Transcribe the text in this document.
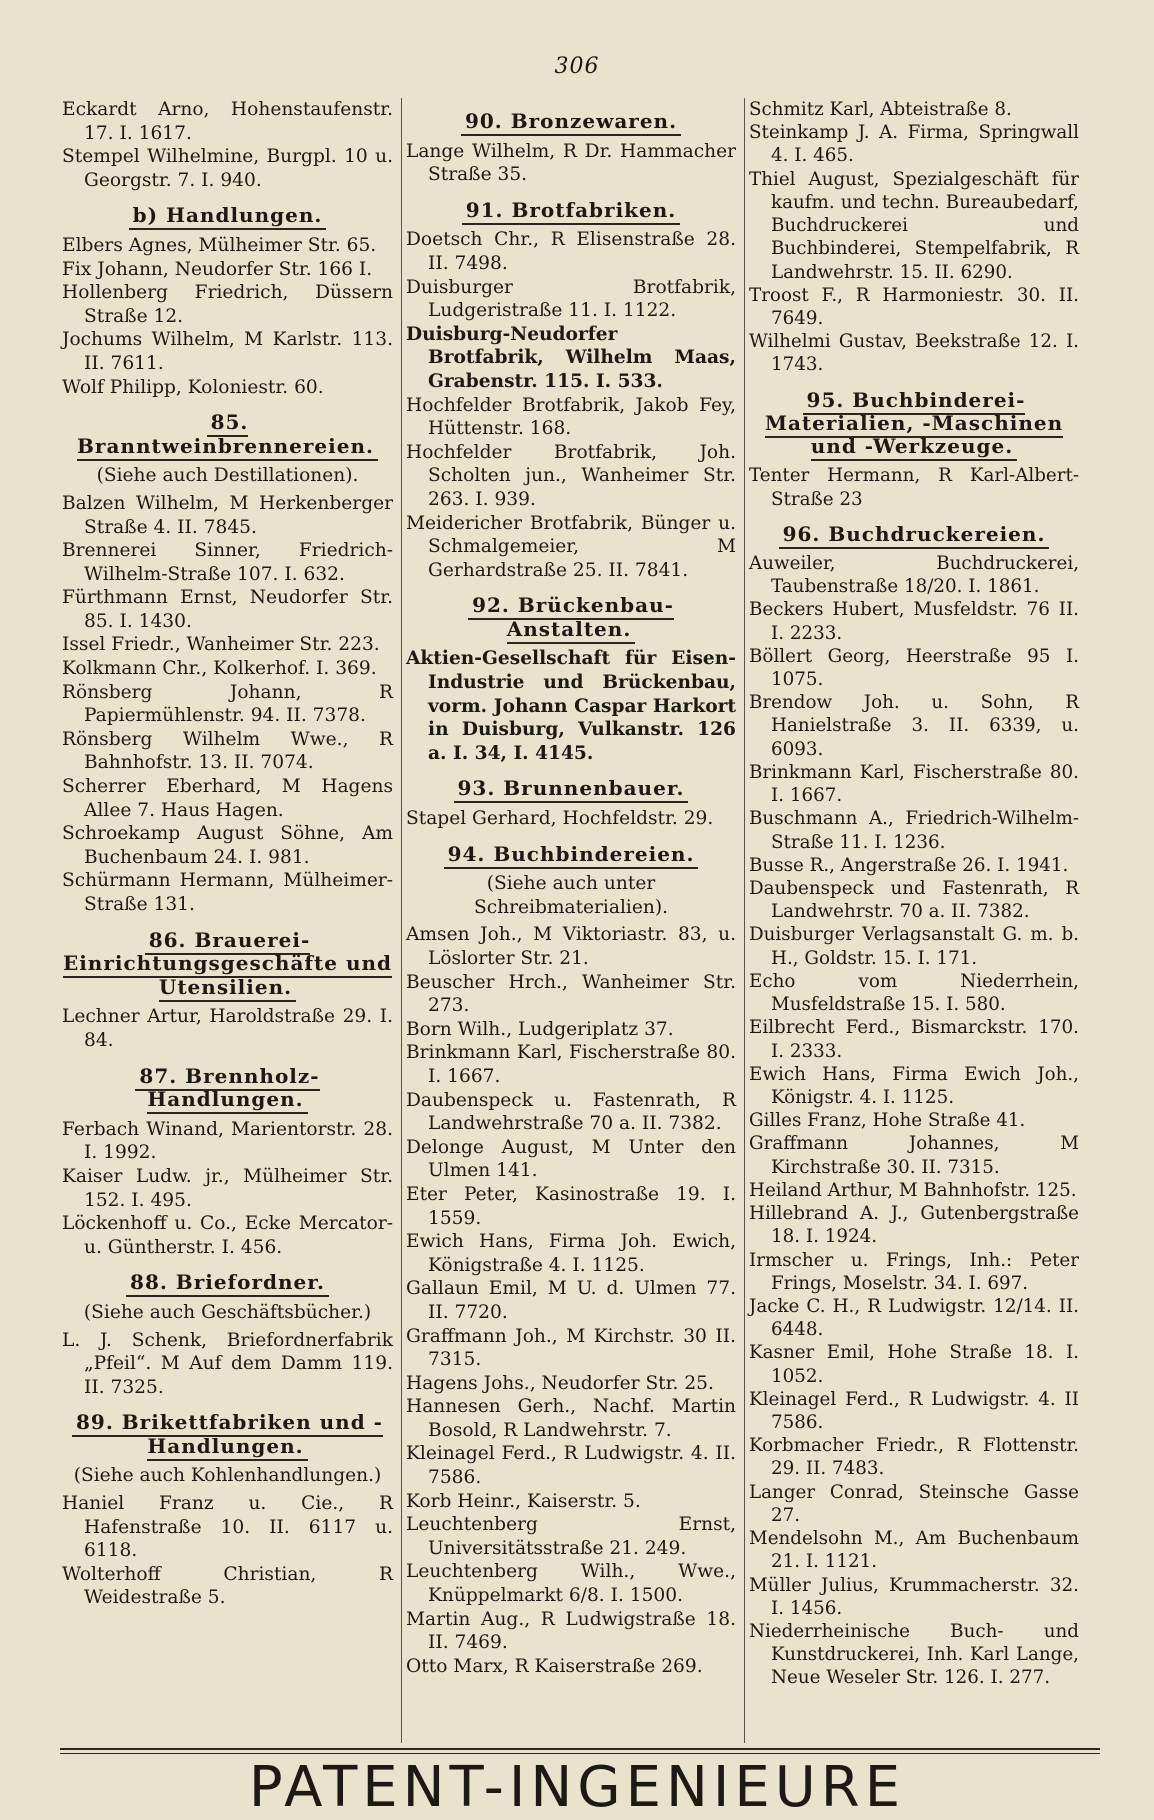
306
Eckardt Arno, Hohenstaufenstr. 17. I. 1617.
Stempel Wilhelmine, Burgpl. 10 u. Georgstr. 7. I. 940.
b) Handlungen.
Elbers Agnes, Mülheimer Str. 65.
Fix Johann, Neudorfer Str. 166 I.
Hollenberg Friedrich, Düssern Straße 12.
Jochums Wilhelm, M Karlstr. 113. II. 7611.
Wolf Philipp, Koloniestr. 60.
85. Branntweinbrennereien.
(Siehe auch Destillationen).
Balzen Wilhelm, M Herkenberger Straße 4. II. 7845.
Brennerei Sinner, Friedrich-Wilhelm-Straße 107. I. 632.
Fürthmann Ernst, Neudorfer Str. 85. I. 1430.
Issel Friedr., Wanheimer Str. 223.
Kolkmann Chr., Kolkerhof. I. 369.
Rönsberg Johann, R Papiermühlenstr. 94. II. 7378.
Rönsberg Wilhelm Wwe., R Bahnhofstr. 13. II. 7074.
Scherrer Eberhard, M Hagens Allee 7. Haus Hagen.
Schroekamp August Söhne, Am Buchenbaum 24. I. 981.
Schürmann Hermann, Mülheimer-Straße 131.
86. Brauerei-Einrichtungsgeschäfte und Utensilien.
Lechner Artur, Haroldstraße 29. I. 84.
87. Brennholz-Handlungen.
Ferbach Winand, Marientorstr. 28. I. 1992.
Kaiser Ludw. jr., Mülheimer Str. 152. I. 495.
Löckenhoff u. Co., Ecke Mercator- u. Güntherstr. I. 456.
88. Briefordner.
(Siehe auch Geschäftsbücher.)
L. J. Schenk, Briefordnerfabrik „Pfeil“. M Auf dem Damm 119. II. 7325.
89. Brikettfabriken und -Handlungen.
(Siehe auch Kohlenhandlungen.)
Haniel Franz u. Cie., R Hafenstraße 10. II. 6117 u. 6118.
Wolterhoff Christian, R Weidestraße 5.
90. Bronzewaren.
Lange Wilhelm, R Dr. Hammacher Straße 35.
91. Brotfabriken.
Doetsch Chr., R Elisenstraße 28. II. 7498.
Duisburger Brotfabrik, Ludgeristraße 11. I. 1122.
Duisburg-Neudorfer Brotfabrik, Wilhelm Maas, Grabenstr. 115. I. 533.
Hochfelder Brotfabrik, Jakob Fey, Hüttenstr. 168.
Hochfelder Brotfabrik, Joh. Scholten jun., Wanheimer Str. 263. I. 939.
Meidericher Brotfabrik, Bünger u. Schmalgemeier, M Gerhardstraße 25. II. 7841.
92. Brückenbau-Anstalten.
Aktien-Gesellschaft für Eisen-Industrie und Brückenbau, vorm. Johann Caspar Harkort in Duisburg, Vulkanstr. 126 a. I. 34, I. 4145.
93. Brunnenbauer.
Stapel Gerhard, Hochfeldstr. 29.
94. Buchbindereien.
(Siehe auch unter Schreibmaterialien).
Amsen Joh., M Viktoriastr. 83, u. Löslorter Str. 21.
Beuscher Hrch., Wanheimer Str. 273.
Born Wilh., Ludgeriplatz 37.
Brinkmann Karl, Fischerstraße 80. I. 1667.
Daubenspeck u. Fastenrath, R Landwehrstraße 70 a. II. 7382.
Delonge August, M Unter den Ulmen 141.
Eter Peter, Kasinostraße 19. I. 1559.
Ewich Hans, Firma Joh. Ewich, Königstraße 4. I. 1125.
Gallaun Emil, M U. d. Ulmen 77. II. 7720.
Graffmann Joh., M Kirchstr. 30 II. 7315.
Hagens Johs., Neudorfer Str. 25.
Hannesen Gerh., Nachf. Martin Bosold, R Landwehrstr. 7.
Kleinagel Ferd., R Ludwigstr. 4. II. 7586.
Korb Heinr., Kaiserstr. 5.
Leuchtenberg Ernst, Universitätsstraße 21. 249.
Leuchtenberg Wilh., Wwe., Knüppelmarkt 6/8. I. 1500.
Martin Aug., R Ludwigstraße 18. II. 7469.
Otto Marx, R Kaiserstraße 269.
Schmitz Karl, Abteistraße 8.
Steinkamp J. A. Firma, Springwall 4. I. 465.
Thiel August, Spezialgeschäft für kaufm. und techn. Bureaubedarf, Buchdruckerei und Buchbinderei, Stempelfabrik, R Landwehrstr. 15. II. 6290.
Troost F., R Harmoniestr. 30. II. 7649.
Wilhelmi Gustav, Beekstraße 12. I. 1743.
95. Buchbinderei-Materialien, -Maschinen und -Werkzeuge.
Tenter Hermann, R Karl-Albert-Straße 23
96. Buchdruckereien.
Auweiler, Buchdruckerei, Taubenstraße 18/20. I. 1861.
Beckers Hubert, Musfeldstr. 76 II. I. 2233.
Böllert Georg, Heerstraße 95 I. 1075.
Brendow Joh. u. Sohn, R Hanielstraße 3. II. 6339, u. 6093.
Brinkmann Karl, Fischerstraße 80. I. 1667.
Buschmann A., Friedrich-Wilhelm-Straße 11. I. 1236.
Busse R., Angerstraße 26. I. 1941.
Daubenspeck und Fastenrath, R Landwehrstr. 70 a. II. 7382.
Duisburger Verlagsanstalt G. m. b. H., Goldstr. 15. I. 171.
Echo vom Niederrhein, Musfeldstraße 15. I. 580.
Eilbrecht Ferd., Bismarckstr. 170. I. 2333.
Ewich Hans, Firma Ewich Joh., Königstr. 4. I. 1125.
Gilles Franz, Hohe Straße 41.
Graffmann Johannes, M Kirchstraße 30. II. 7315.
Heiland Arthur, M Bahnhofstr. 125.
Hillebrand A. J., Gutenbergstraße 18. I. 1924.
Irmscher u. Frings, Inh.: Peter Frings, Moselstr. 34. I. 697.
Jacke C. H., R Ludwigstr. 12/14. II. 6448.
Kasner Emil, Hohe Straße 18. I. 1052.
Kleinagel Ferd., R Ludwigstr. 4. II 7586.
Korbmacher Friedr., R Flottenstr. 29. II. 7483.
Langer Conrad, Steinsche Gasse 27.
Mendelsohn M., Am Buchenbaum 21. I. 1121.
Müller Julius, Krummacherstr. 32. I. 1456.
Niederrheinische Buch- und Kunstdruckerei, Inh. Karl Lange, Neue Weseler Str. 126. I. 277.
PATENT-INGENIEURE
